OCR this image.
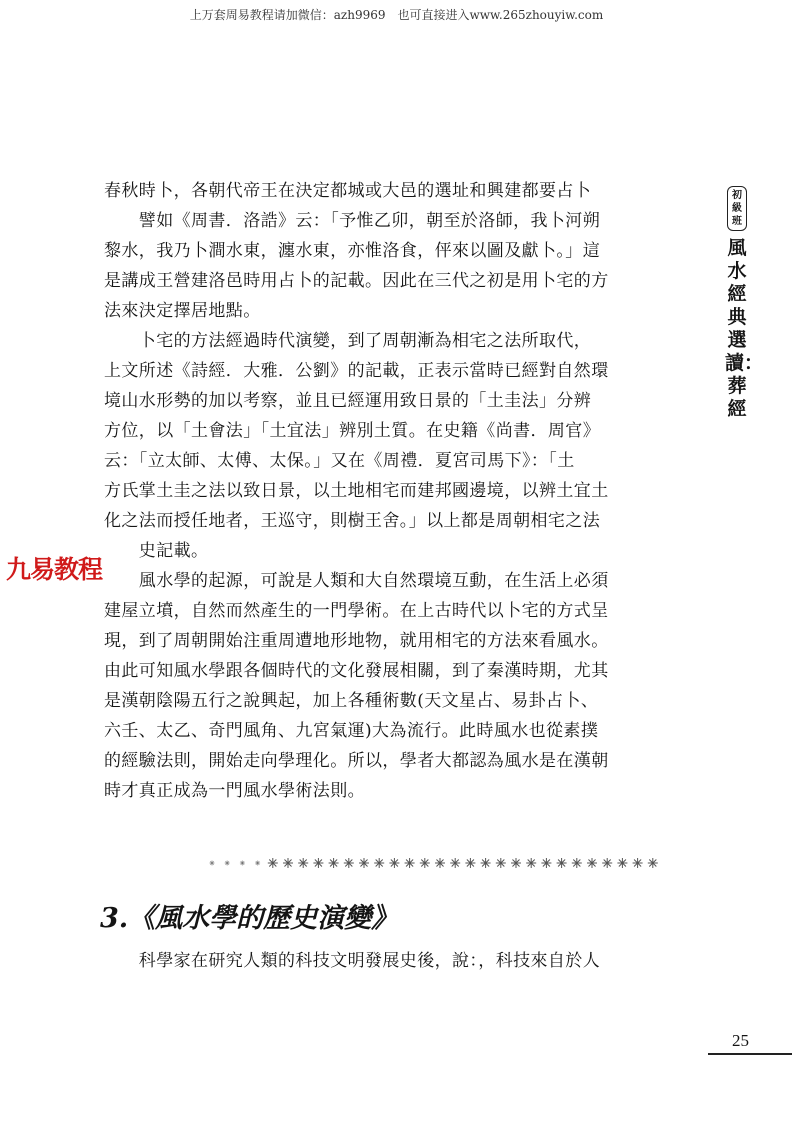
上万套周易教程请加微信：azh9969　也可直接进入www.265zhouyiw.com
初級班
風水經典選讀：葬經
春秋時卜，各朝代帝王在決定都城或大邑的選址和興建都要占卜
　　譬如《周書．洛誥》云：「予惟乙卯，朝至於洛師，我卜河朔
黎水，我乃卜澗水東，瀍水東，亦惟洛食，伻來以圖及獻卜。」這
是講成王營建洛邑時用占卜的記載。因此在三代之初是用卜宅的方
法來決定擇居地點。
　　卜宅的方法經過時代演變，到了周朝漸為相宅之法所取代，
上文所述《詩經．大雅．公劉》的記載，正表示當時已經對自然環
境山水形勢的加以考察，並且已經運用致日景的「土圭法」分辨
方位，以「土會法」「土宜法」辨別土質。在史籍《尚書．周官》
云：「立太師、太傅、太保。」又在《周禮．夏宮司馬下》：「土
方氏掌土圭之法以致日景，以土地相宅而建邦國邊境，以辨土宜土
化之法而授任地者，王巡守，則樹王舍。」以上都是周朝相宅之法
　　史記載。
　　風水學的起源，可說是人類和大自然環境互動，在生活上必須
建屋立墳，自然而然產生的一門學術。在上古時代以卜宅的方式呈
現，到了周朝開始注重周遭地形地物，就用相宅的方法來看風水。
由此可知風水學跟各個時代的文化發展相關，到了秦漢時期，尤其
是漢朝陰陽五行之說興起，加上各種術數(天文星占、易卦占卜、
六壬、太乙、奇門風角、九宮氣運)大為流行。此時風水也從素撲
的經驗法則，開始走向學理化。所以，學者大都認為風水是在漢朝
時才真正成為一門風水學術法則。
九易教程
3.《風水學的歷史演變》
　　科學家在研究人類的科技文明發展史後，說：，科技來自於人
25
